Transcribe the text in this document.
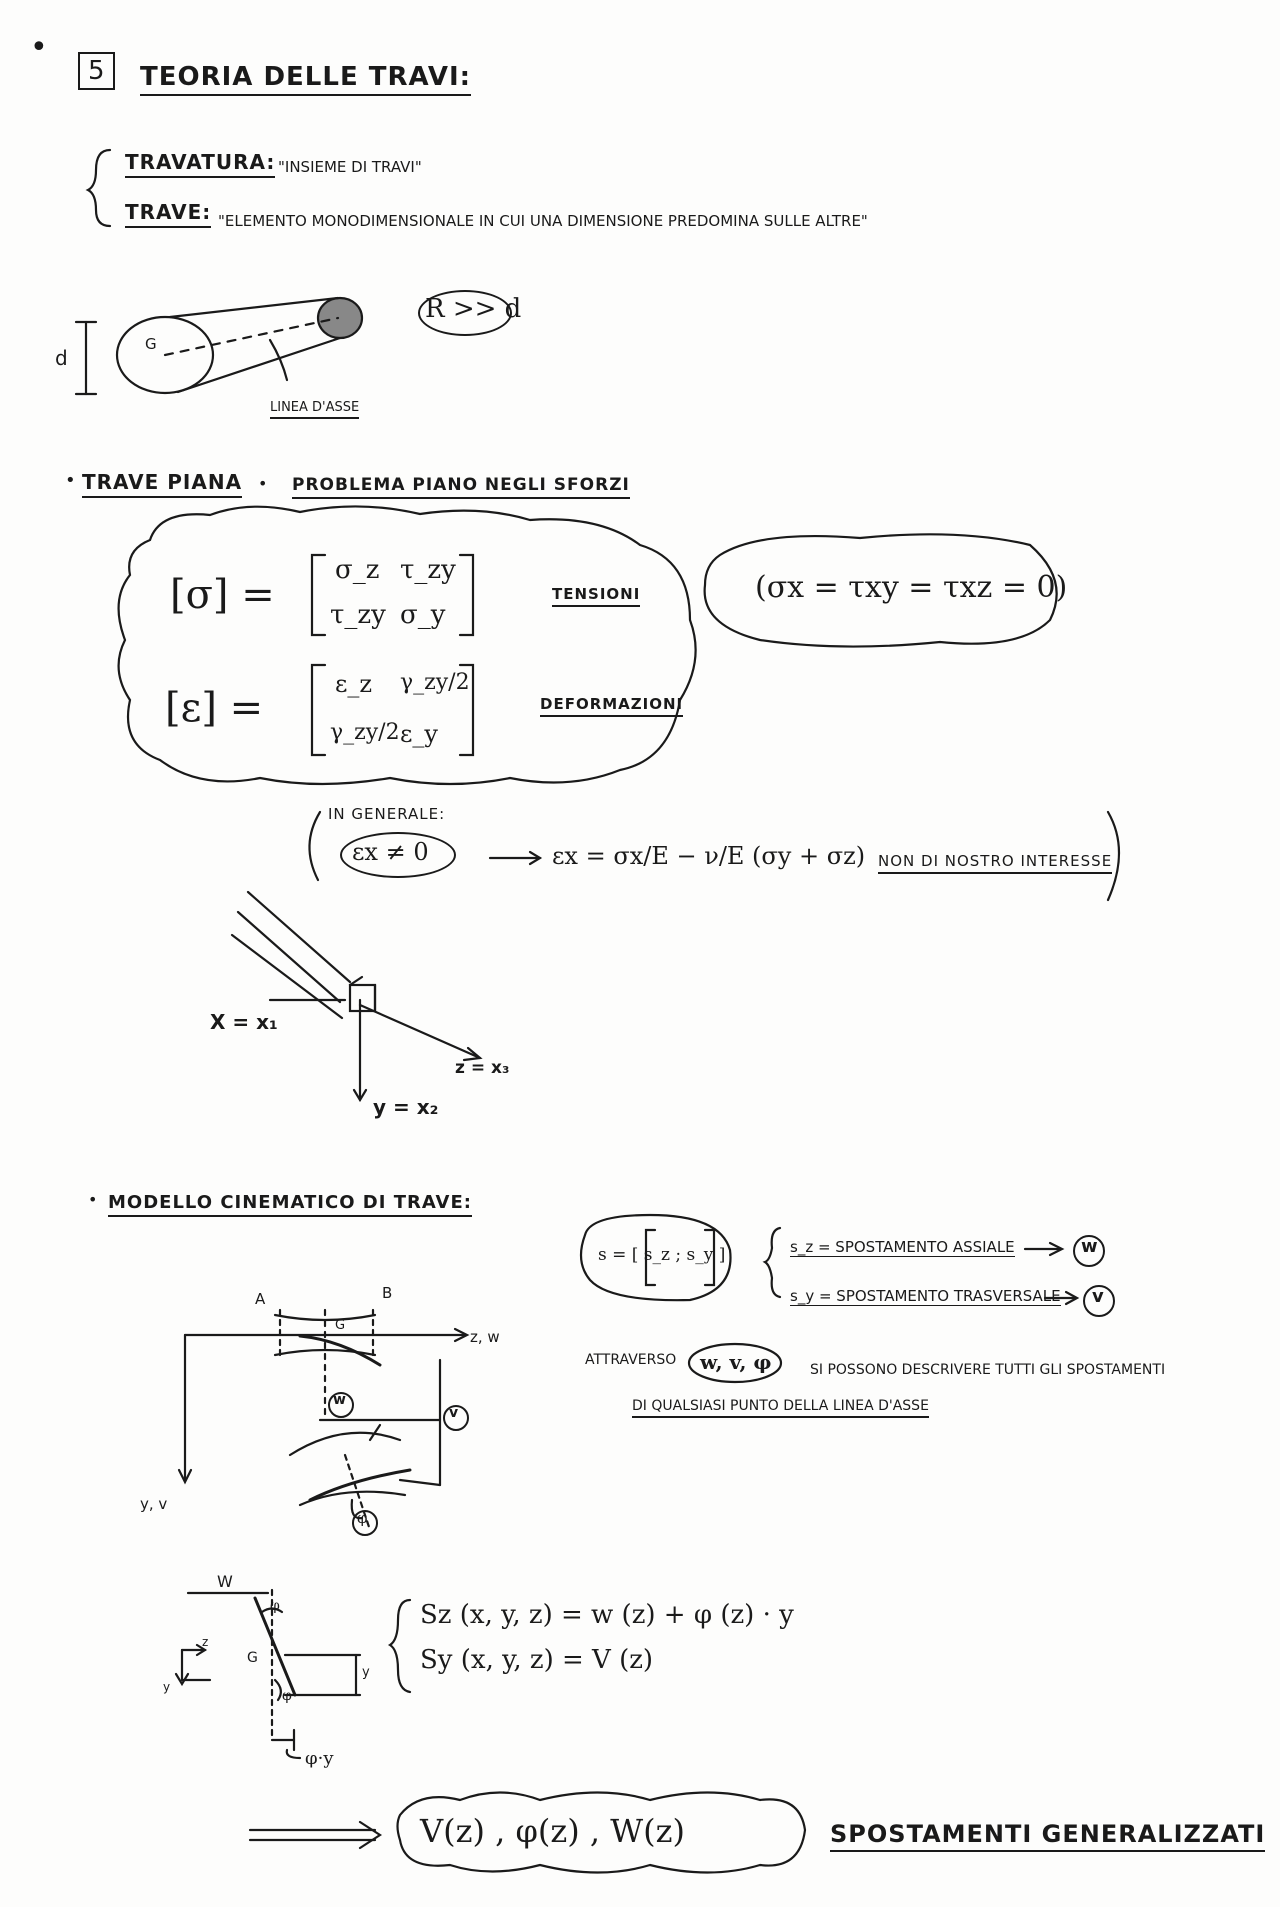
•
5	TEORIA DELLE TRAVI:
TRAVATURA: "INSIEME DI TRAVI"
TRAVE: "ELEMENTO MONODIMENSIONALE IN CUI UNA DIMENSIONE PREDOMINA SULLE ALTRE"
d
G
LINEA D'ASSE
R >> d
• TRAVE PIANA • PROBLEMA PIANO NEGLI SFORZI
[σ] =
σ_z τ_zy
τ_zy σ_y
TENSIONI
[ε] =
ε_z γ_zy/2
γ_zy/2 ε_y
DEFORMAZIONI
(σx = τxy = τxz = 0)
IN GENERALE:
εx ≠ 0	εx = σx/E − ν/E (σy + σz) NON DI NOSTRO INTERESSE
X = x₁
y = x₂
z = x₃
• MODELLO CINEMATICO DI TRAVE:
s = [ s_z ; s_y ]	s_z = SPOSTAMENTO ASSIALE	w
s_y = SPOSTAMENTO TRASVERSALE v
ATTRAVERSO w, v, φ	SI POSSONO DESCRIVERE TUTTI GLI SPOSTAMENTI
DI QUALSIASI PUNTO DELLA LINEA D'ASSE
A	B
G
z, w
y, v
w
v
φ
W
φ
φ
G
z
y
y
φ·y
Sz (x, y, z) = w (z) + φ (z) · y
Sy (x, y, z) = V (z)
V(z) , φ(z) , W(z)	SPOSTAMENTI GENERALIZZATI
